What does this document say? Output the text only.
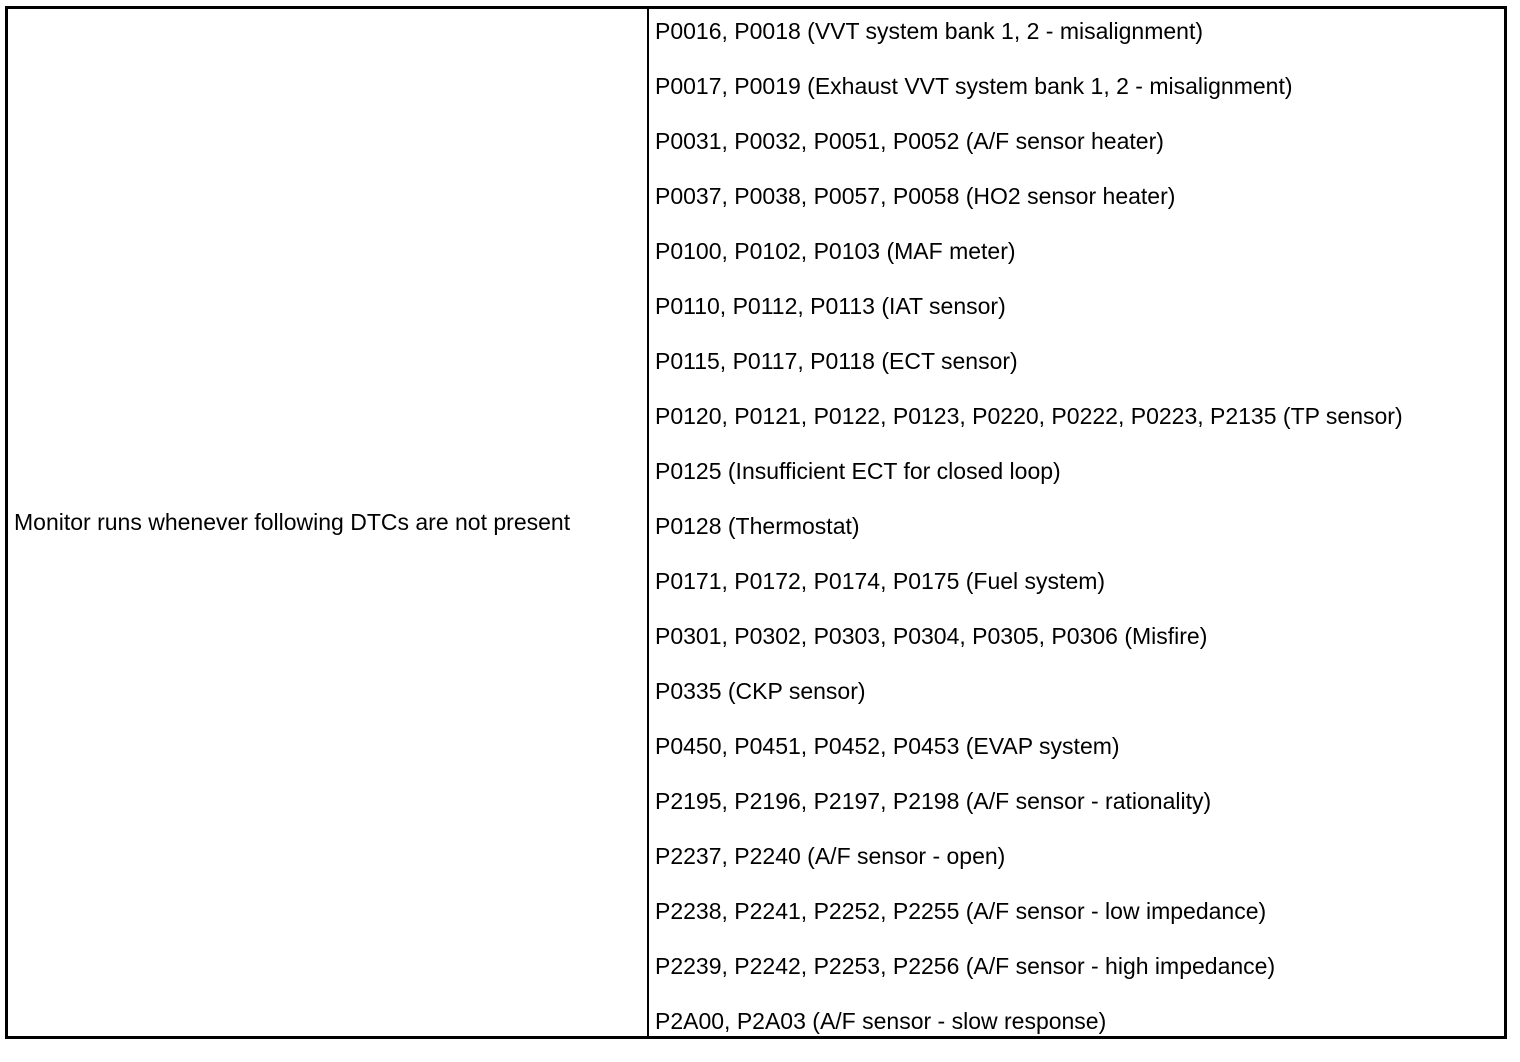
Monitor runs whenever following DTCs are not present
P0016, P0018 (VVT system bank 1, 2 - misalignment)
P0017, P0019 (Exhaust VVT system bank 1, 2 - misalignment)
P0031, P0032, P0051, P0052 (A/F sensor heater)
P0037, P0038, P0057, P0058 (HO2 sensor heater)
P0100, P0102, P0103 (MAF meter)
P0110, P0112, P0113 (IAT sensor)
P0115, P0117, P0118 (ECT sensor)
P0120, P0121, P0122, P0123, P0220, P0222, P0223, P2135 (TP sensor)
P0125 (Insufficient ECT for closed loop)
P0128 (Thermostat)
P0171, P0172, P0174, P0175 (Fuel system)
P0301, P0302, P0303, P0304, P0305, P0306 (Misfire)
P0335 (CKP sensor)
P0450, P0451, P0452, P0453 (EVAP system)
P2195, P2196, P2197, P2198 (A/F sensor - rationality)
P2237, P2240 (A/F sensor - open)
P2238, P2241, P2252, P2255 (A/F sensor - low impedance)
P2239, P2242, P2253, P2256 (A/F sensor - high impedance)
P2A00, P2A03 (A/F sensor - slow response)
